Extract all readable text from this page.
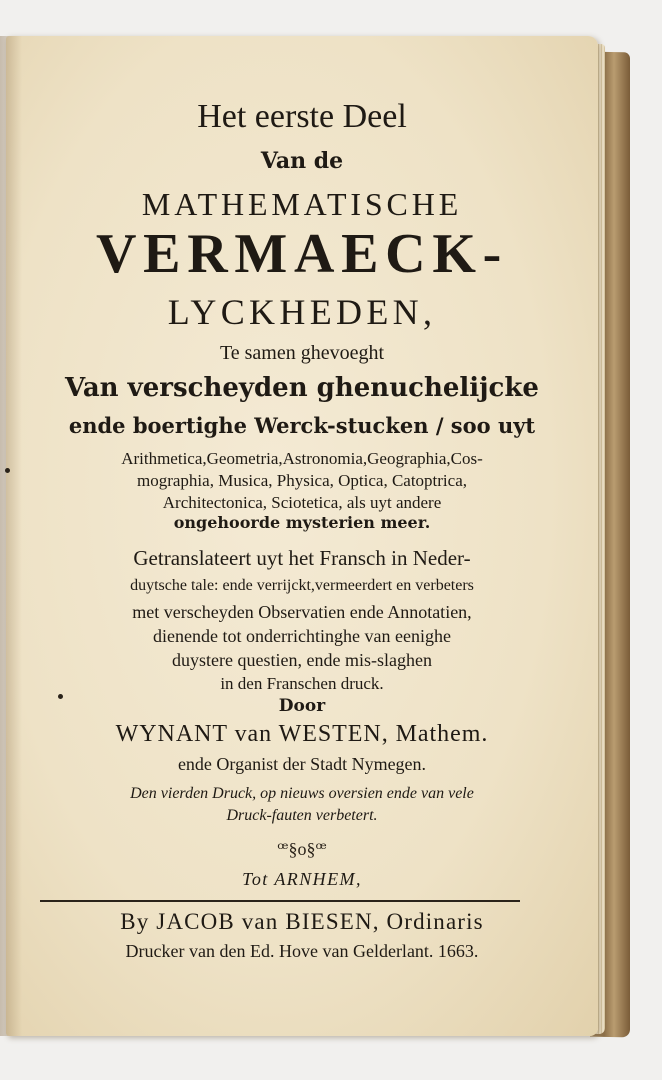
Het eerste Deel
Van de
MATHEMATISCHE
VERMAECK-
LYCKHEDEN,
Te samen ghevoeght
Van verscheyden ghenuchelijcke
ende boertighe Werck-stucken / soo uyt
Arithmetica,Geometria,Astronomia,Geographia,Cos-
mographia, Musica, Physica, Optica, Catoptrica,
Architectonica, Sciotetica, als uyt andere
ongehoorde mysterien meer.
Getranslateert uyt het Fransch in Neder-
duytsche tale: ende verrijckt,vermeerdert en verbeters
met verscheyden Observatien ende Annotatien,
dienende tot onderrichtinghe van eenighe
duystere questien, ende mis-slaghen
in den Franschen druck.
Door
WYNANT van WESTEN, Mathem.
ende Organist der Stadt Nymegen.
Den vierden Druck, op nieuws oversien ende van vele
Druck-fauten verbetert.
ꟹ§o§ꟹ
Tot ARNHEM,
By JACOB van BIESEN, Ordinaris
Drucker van den Ed. Hove van Gelderlant. 1663.
